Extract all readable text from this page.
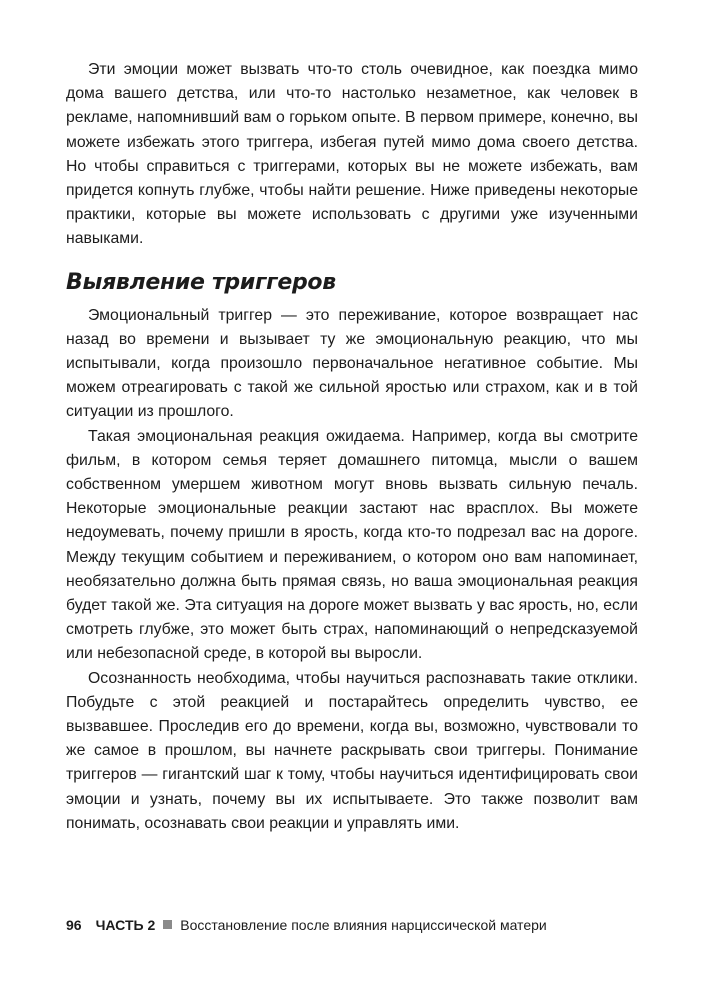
Эти эмоции может вызвать что-то столь очевидное, как поездка мимо дома вашего детства, или что-то настолько незаметное, как человек в рекламе, напомнивший вам о горьком опыте. В первом примере, конечно, вы можете избежать этого триггера, избегая путей мимо дома своего детства. Но чтобы справиться с триггерами, которых вы не можете избежать, вам придется копнуть глубже, чтобы найти решение. Ниже приведены некоторые практики, которые вы можете использовать с другими уже изученными навыками.

Выявление триггеров

Эмоциональный триггер — это переживание, которое возвращает нас назад во времени и вызывает ту же эмоциональную реакцию, что мы испытывали, когда произошло первоначальное негативное событие. Мы можем отреагировать с такой же сильной яростью или страхом, как и в той ситуации из прошлого.

Такая эмоциональная реакция ожидаема. Например, когда вы смотрите фильм, в котором семья теряет домашнего питомца, мысли о вашем собственном умершем животном могут вновь вызвать сильную печаль. Некоторые эмоциональные реакции застают нас врасплох. Вы можете недоумевать, почему пришли в ярость, когда кто-то подрезал вас на дороге. Между текущим событием и переживанием, о котором оно вам напоминает, необязательно должна быть прямая связь, но ваша эмоциональная реакция будет такой же. Эта ситуация на дороге может вызвать у вас ярость, но, если смотреть глубже, это может быть страх, напоминающий о непредсказуемой или небезопасной среде, в которой вы выросли.

Осознанность необходима, чтобы научиться распознавать такие отклики. Побудьте с этой реакцией и постарайтесь определить чувство, ее вызвавшее. Проследив его до времени, когда вы, возможно, чувствовали то же самое в прошлом, вы начнете раскрывать свои триггеры. Понимание триггеров — гигантский шаг к тому, чтобы научиться идентифицировать свои эмоции и узнать, почему вы их испытываете. Это также позволит вам понимать, осознавать свои реакции и управлять ими.

96 ЧАСТЬ 2 Восстановление после влияния нарциссической матери
